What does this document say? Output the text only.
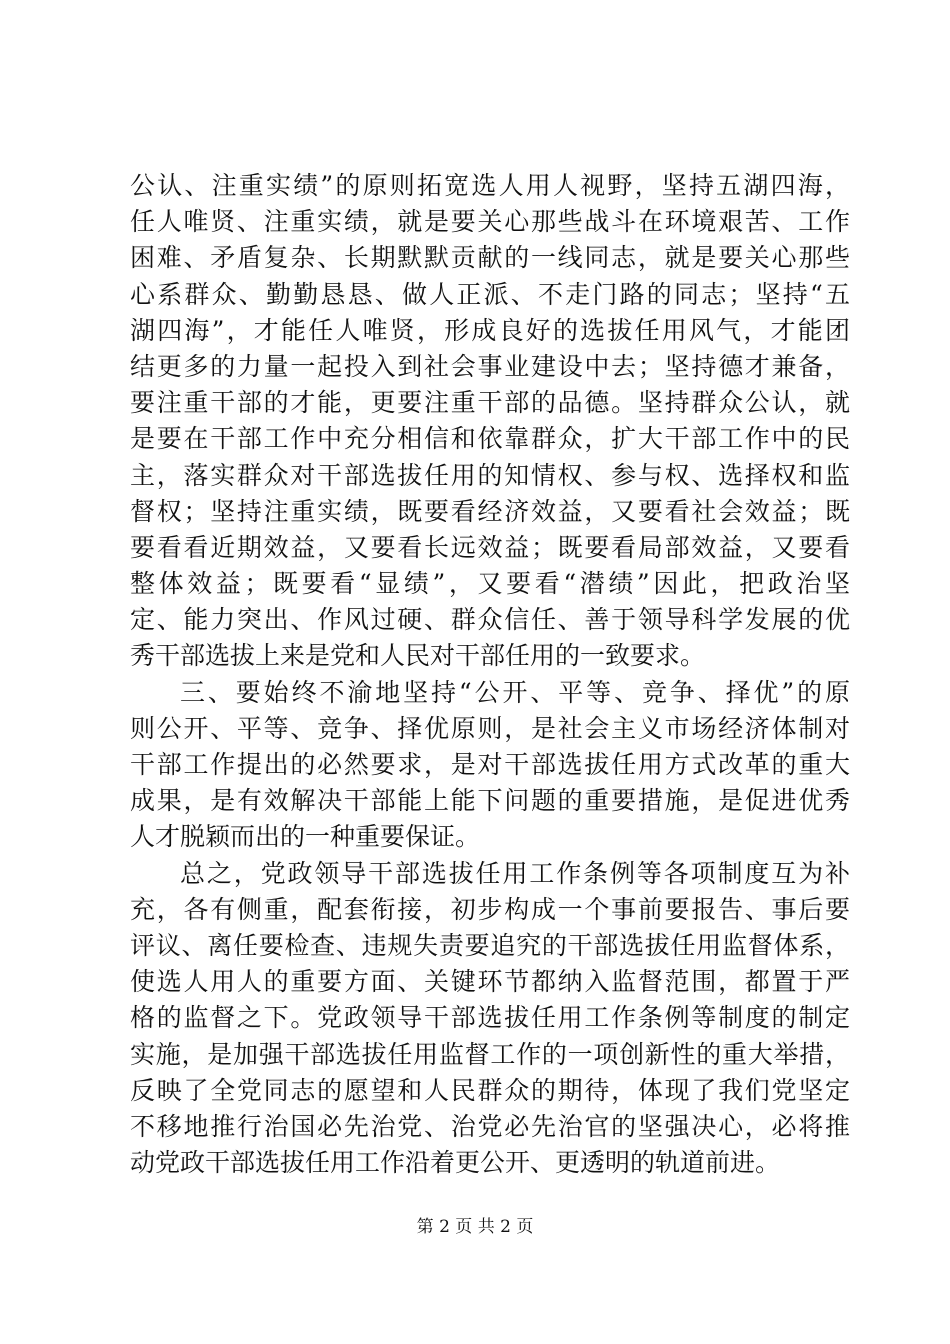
公认、注重实绩”的原则拓宽选人用人视野，坚持五湖四海，
任人唯贤、注重实绩，就是要关心那些战斗在环境艰苦、工作
困难、矛盾复杂、长期默默贡献的一线同志，就是要关心那些
心系群众、勤勤恳恳、做人正派、不走门路的同志；坚持“五
湖四海”，才能任人唯贤，形成良好的选拔任用风气，才能团
结更多的力量一起投入到社会事业建设中去；坚持德才兼备，
要注重干部的才能，更要注重干部的品德。坚持群众公认，就
是要在干部工作中充分相信和依靠群众，扩大干部工作中的民
主，落实群众对干部选拔任用的知情权、参与权、选择权和监
督权；坚持注重实绩，既要看经济效益，又要看社会效益；既
要看看近期效益，又要看长远效益；既要看局部效益，又要看
整体效益；既要看“显绩”，又要看“潜绩”因此，把政治坚
定、能力突出、作风过硬、群众信任、善于领导科学发展的优
秀干部选拔上来是党和人民对干部任用的一致要求。
三、要始终不渝地坚持“公开、平等、竞争、择优”的原
则公开、平等、竞争、择优原则，是社会主义市场经济体制对
干部工作提出的必然要求，是对干部选拔任用方式改革的重大
成果，是有效解决干部能上能下问题的重要措施，是促进优秀
人才脱颖而出的一种重要保证。
总之，党政领导干部选拔任用工作条例等各项制度互为补
充，各有侧重，配套衔接，初步构成一个事前要报告、事后要
评议、离任要检查、违规失责要追究的干部选拔任用监督体系，
使选人用人的重要方面、关键环节都纳入监督范围，都置于严
格的监督之下。党政领导干部选拔任用工作条例等制度的制定
实施，是加强干部选拔任用监督工作的一项创新性的重大举措，
反映了全党同志的愿望和人民群众的期待，体现了我们党坚定
不移地推行治国必先治党、治党必先治官的坚强决心，必将推
动党政干部选拔任用工作沿着更公开、更透明的轨道前进。
第 2 页 共 2 页
